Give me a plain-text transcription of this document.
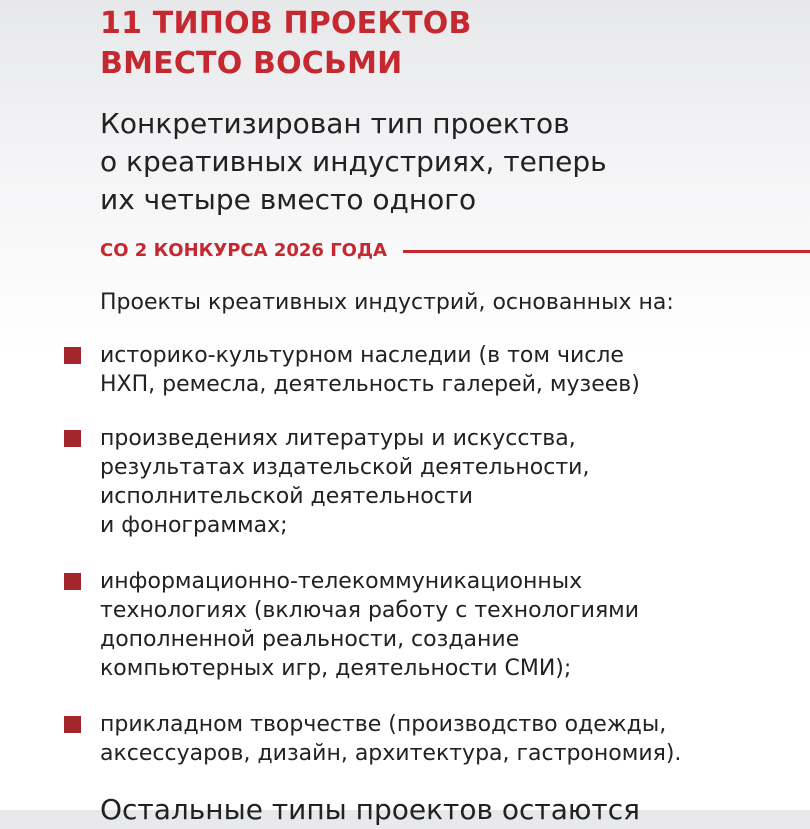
11 ТИПОВ ПРОЕКТОВ
ВМЕСТО ВОСЬМИ

Конкретизирован тип проектов
о креативных индустриях, теперь
их четыре вместо одного

СО 2 КОНКУРСА 2026 ГОДА

Проекты креативных индустрий, основанных на:

историко-культурном наследии (в том числе
НХП, ремесла, деятельность галерей, музеев)

произведениях литературы и искусства,
результатах издательской деятельности,
исполнительской деятельности
и фонограммах;

информационно-телекоммуникационных
технологиях (включая работу с технологиями
дополненной реальности, создание
компьютерных игр, деятельности СМИ);

прикладном творчестве (производство одежды,
аксессуаров, дизайн, архитектура, гастрономия).

Остальные типы проектов остаются
